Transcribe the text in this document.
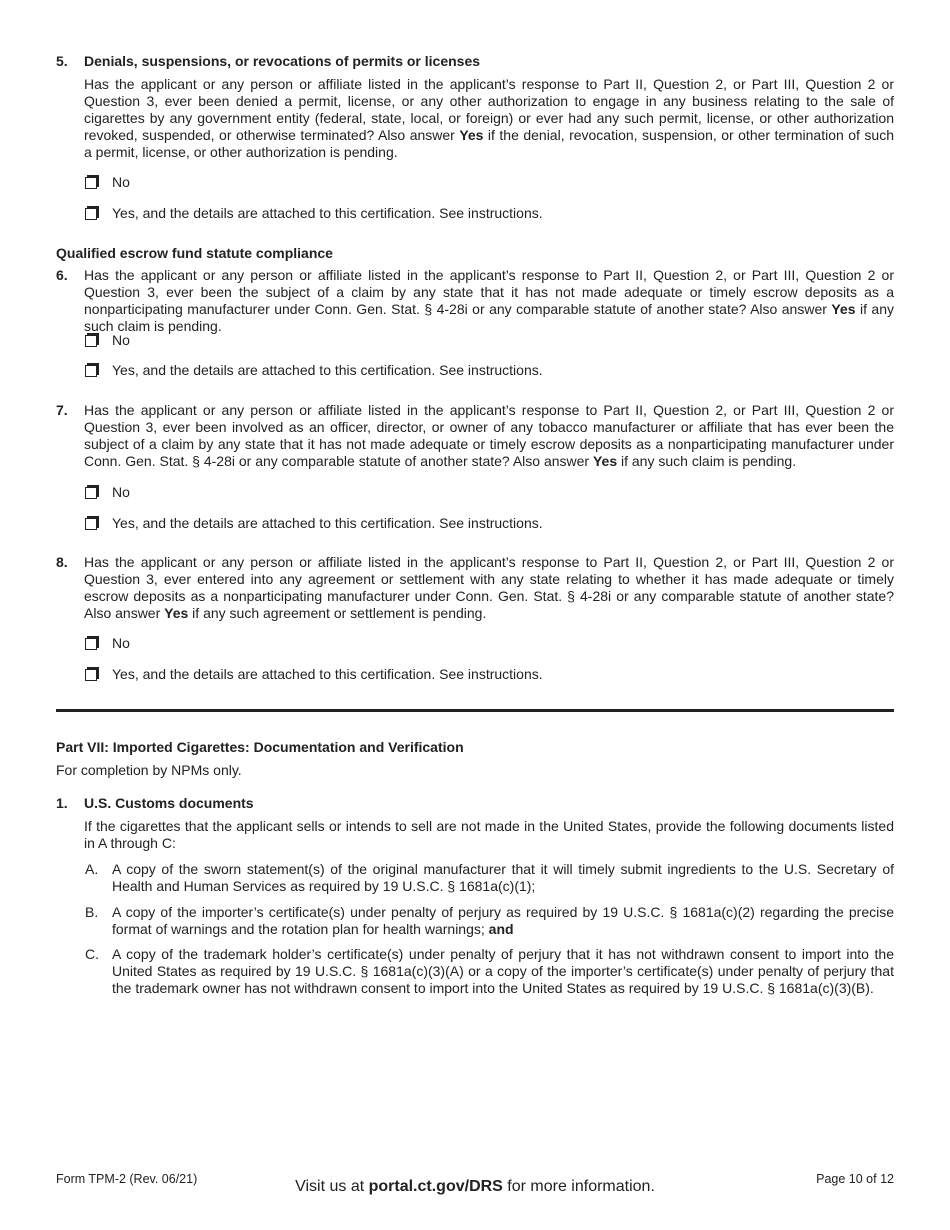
5. Denials, suspensions, or revocations of permits or licenses
Has the applicant or any person or affiliate listed in the applicant’s response to Part II, Question 2, or Part III, Question 2 or Question 3, ever been denied a permit, license, or any other authorization to engage in any business relating to the sale of cigarettes by any government entity (federal, state, local, or foreign) or ever had any such permit, license, or other authorization revoked, suspended, or otherwise terminated? Also answer Yes if the denial, revocation, suspension, or other termination of such a permit, license, or other authorization is pending.
No
Yes, and the details are attached to this certification. See instructions.
Qualified escrow fund statute compliance
6. Has the applicant or any person or affiliate listed in the applicant’s response to Part II, Question 2, or Part III, Question 2 or Question 3, ever been the subject of a claim by any state that it has not made adequate or timely escrow deposits as a nonparticipating manufacturer under Conn. Gen. Stat. § 4-28i or any comparable statute of another state? Also answer Yes if any such claim is pending.
No
Yes, and the details are attached to this certification. See instructions.
7. Has the applicant or any person or affiliate listed in the applicant’s response to Part II, Question 2, or Part III, Question 2 or Question 3, ever been involved as an officer, director, or owner of any tobacco manufacturer or affiliate that has ever been the subject of a claim by any state that it has not made adequate or timely escrow deposits as a nonparticipating manufacturer under Conn. Gen. Stat. § 4-28i or any comparable statute of another state? Also answer Yes if any such claim is pending.
No
Yes, and the details are attached to this certification. See instructions.
8. Has the applicant or any person or affiliate listed in the applicant’s response to Part II, Question 2, or Part III, Question 2 or Question 3, ever entered into any agreement or settlement with any state relating to whether it has made adequate or timely escrow deposits as a nonparticipating manufacturer under Conn. Gen. Stat. § 4-28i or any comparable statute of another state? Also answer Yes if any such agreement or settlement is pending.
No
Yes, and the details are attached to this certification. See instructions.
Part VII: Imported Cigarettes: Documentation and Verification
For completion by NPMs only.
1. U.S. Customs documents
If the cigarettes that the applicant sells or intends to sell are not made in the United States, provide the following documents listed in A through C:
A. A copy of the sworn statement(s) of the original manufacturer that it will timely submit ingredients to the U.S. Secretary of Health and Human Services as required by 19 U.S.C. § 1681a(c)(1);
B. A copy of the importer’s certificate(s) under penalty of perjury as required by 19 U.S.C. § 1681a(c)(2) regarding the precise format of warnings and the rotation plan for health warnings; and
C. A copy of the trademark holder’s certificate(s) under penalty of perjury that it has not withdrawn consent to import into the United States as required by 19 U.S.C. § 1681a(c)(3)(A) or a copy of the importer’s certificate(s) under penalty of perjury that the trademark owner has not withdrawn consent to import into the United States as required by 19 U.S.C. § 1681a(c)(3)(B).
Form TPM-2 (Rev. 06/21)	Visit us at portal.ct.gov/DRS for more information.	Page 10 of 12
